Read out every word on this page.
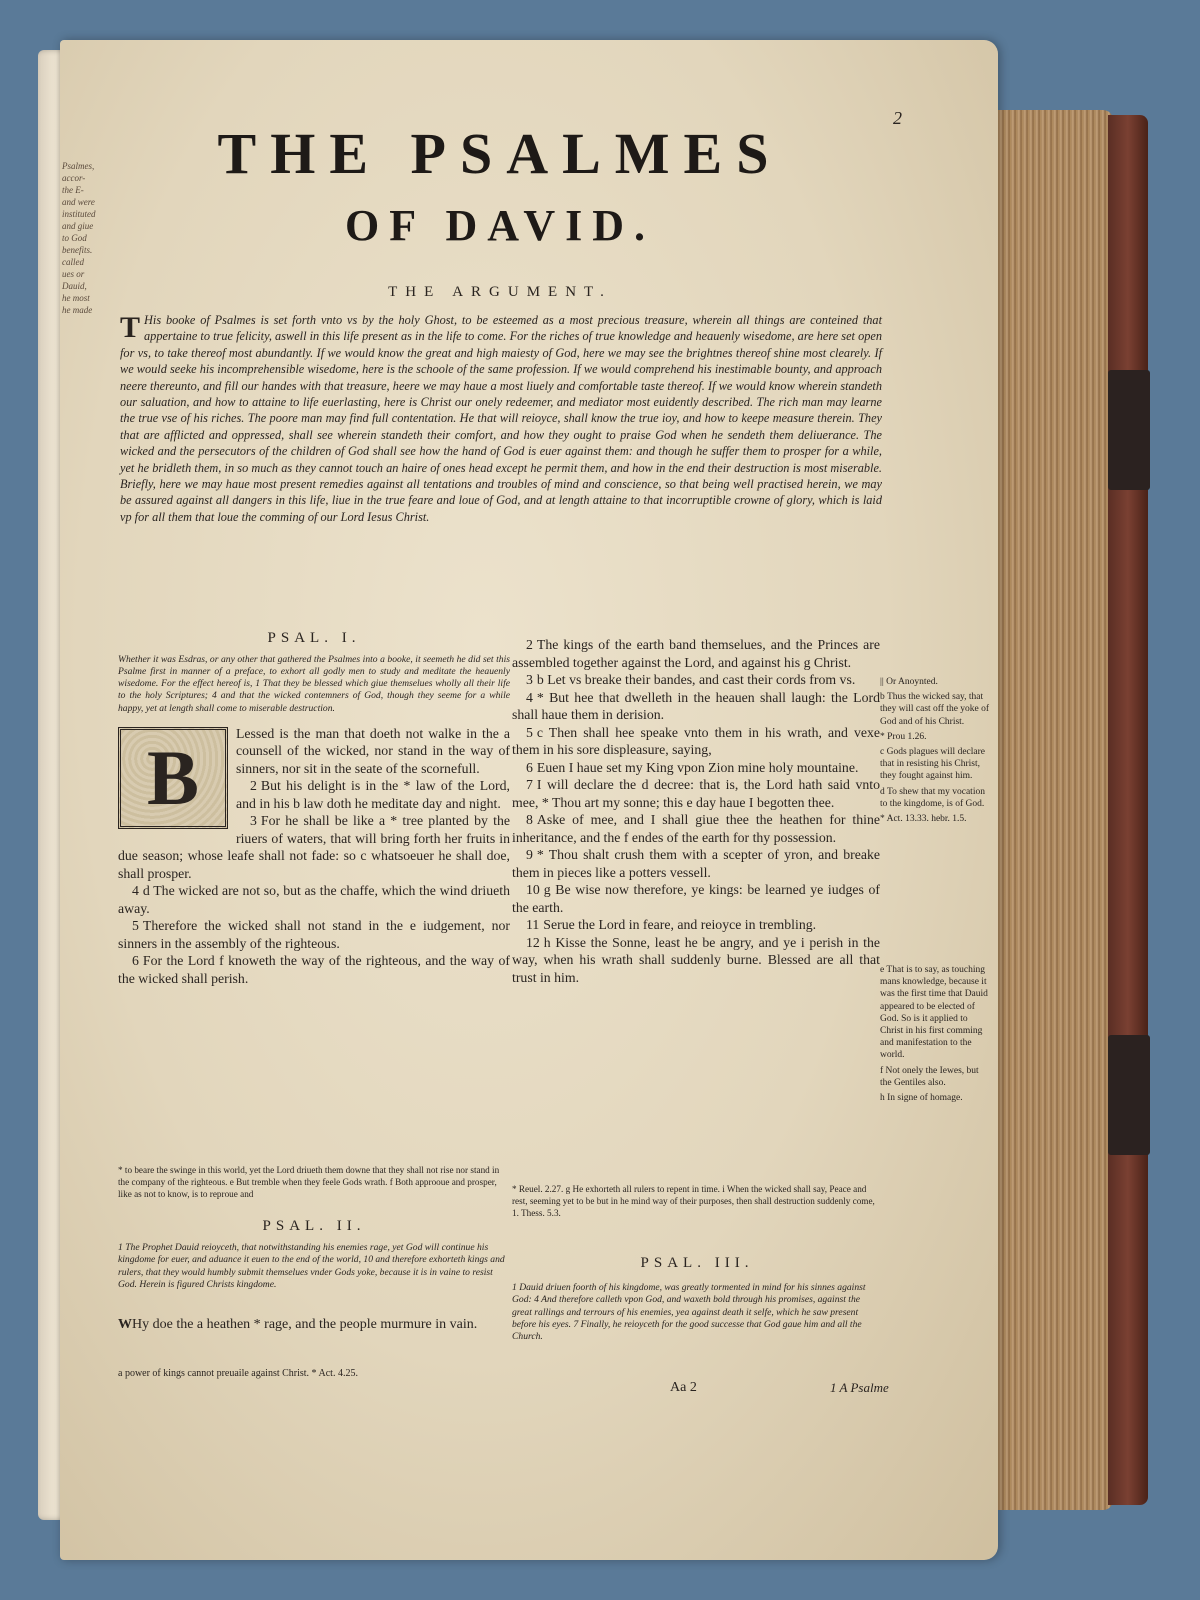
Psalmes, accor-
the E-
and were
instituted
and giue
to God
benefits.
called
ues or
Dauid,
he most
he made
2
THE PSALMES
OF DAVID.
THE ARGUMENT.
T His booke of Psalmes is set forth vnto vs by the holy Ghost, to be esteemed as a most precious treasure, wherein all things are conteined that appertaine to true felicity, aswell in this life present as in the life to come. For the riches of true knowledge and heauenly wisedome, are here set open for vs, to take thereof most abundantly. If we would know the great and high maiesty of God, here we may see the brightnes thereof shine most clearely. If we would seeke his incomprehensible wisedome, here is the schoole of the same profession. If we would comprehend his inestimable bounty, and approach neere thereunto, and fill our handes with that treasure, heere we may haue a most liuely and comfortable taste thereof. If we would know wherein standeth our saluation, and how to attaine to life euerlasting, here is Christ our onely redeemer, and mediator most euidently described. The rich man may learne the true vse of his riches. The poore man may find full contentation. He that will reioyce, shall know the true ioy, and how to keepe measure therein. They that are afflicted and oppressed, shall see wherein standeth their comfort, and how they ought to praise God when he sendeth them deliuerance. The wicked and the persecutors of the children of God shall see how the hand of God is euer against them: and though he suffer them to prosper for a while, yet he bridleth them, in so much as they cannot touch an haire of ones head except he permit them, and how in the end their destruction is most miserable. Briefly, here we may haue most present remedies against all tentations and troubles of mind and conscience, so that being well practised herein, we may be assured against all dangers in this life, liue in the true feare and loue of God, and at length attaine to that incorruptible crowne of glory, which is laid vp for all them that loue the comming of our Lord Iesus Christ.
PSAL. I.

Whether it was Esdras, or any other that gathered the Psalmes into a booke, it seemeth he did set this Psalme first in manner of a preface, to exhort all godly men to study and meditate the heauenly wisedome. For the effect hereof is, 1 That they be blessed which giue themselues wholly all their life to the holy Scriptures; 4 and that the wicked contemners of God, though they seeme for a while happy, yet at length shall come to miserable destruction.

B

Lessed is the man that doeth not walke in the a counsell of the wicked, nor stand in the way of sinners, nor sit in the seate of the scornefull.

2 But his delight is in the * law of the Lord, and in his b law doth he meditate day and night.

3 For he shall be like a * tree planted by the riuers of waters, that will bring forth her fruits in due season; whose leafe shall not fade: so c whatsoeuer he shall doe, shall prosper.

4 d The wicked are not so, but as the chaffe, which the wind driueth away.

5 Therefore the wicked shall not stand in the e iudgement, nor sinners in the assembly of the righteous.

6 For the Lord f knoweth the way of the righteous, and the way of the wicked shall perish.

* to beare the swinge in this world, yet the Lord driueth them downe that they shall not rise nor stand in the company of the righteous. e But tremble when they feele Gods wrath. f Both approoue and prosper, like as not to know, is to reproue and

2 The kings of the earth band themselues, and the Princes are assembled together against the Lord, and against his g Christ.

3 b Let vs breake their bandes, and cast their cords from vs.

4 * But hee that dwelleth in the heauen shall laugh: the Lord shall haue them in derision.

5 c Then shall hee speake vnto them in his wrath, and vexe them in his sore displeasure, saying,

6 Euen I haue set my King vpon Zion mine holy mountaine.

7 I will declare the d decree: that is, the Lord hath said vnto mee, * Thou art my sonne; this e day haue I begotten thee.

8 Aske of mee, and I shall giue thee the heathen for thine inheritance, and the f endes of the earth for thy possession.

9 * Thou shalt crush them with a scepter of yron, and breake them in pieces like a potters vessell.

10 g Be wise now therefore, ye kings: be learned ye iudges of the earth.

11 Serue the Lord in feare, and reioyce in trembling.

12 h Kisse the Sonne, least he be angry, and ye i perish in the way, when his wrath shall suddenly burne. Blessed are all that trust in him.

|| Or Anoynted.

b Thus the wicked say, that they will cast off the yoke of God and of his Christ.

* Prou 1.26.

c Gods plagues will declare that in resisting his Christ, they fought against him.

d To shew that my vocation to the kingdome, is of God.

* Act. 13.33. hebr. 1.5.

e That is to say, as touching mans knowledge, because it was the first time that Dauid appeared to be elected of God. So is it applied to Christ in his first comming and manifestation to the world.

f Not onely the Iewes, but the Gentiles also.

h In signe of homage.

* Reuel. 2.27. g He exhorteth all rulers to repent in time. i When the wicked shall say, Peace and rest, seeming yet to be but in he mind way of their purposes, then shall destruction suddenly come, 1. Thess. 5.3.
PSAL. II.
1 The Prophet Dauid reioyceth, that notwithstanding his enemies rage, yet God will continue his kingdome for euer, and aduance it euen to the end of the world, 10 and therefore exhorteth kings and rulers, that they would humbly submit themselues vnder Gods yoke, because it is in vaine to resist God. Herein is figured Christs kingdome.
WHy doe the a heathen * rage, and the people murmure in vain.
a power of kings cannot preuaile against Christ. * Act. 4.25.
PSAL. III.
1 Dauid driuen foorth of his kingdome, was greatly tormented in mind for his sinnes against God: 4 And therefore calleth vpon God, and waxeth bold through his promises, against the great rallings and terrours of his enemies, yea against death it selfe, which he saw present before his eyes. 7 Finally, he reioyceth for the good successe that God gaue him and all the Church.
Aa 2	1 A Psalme
